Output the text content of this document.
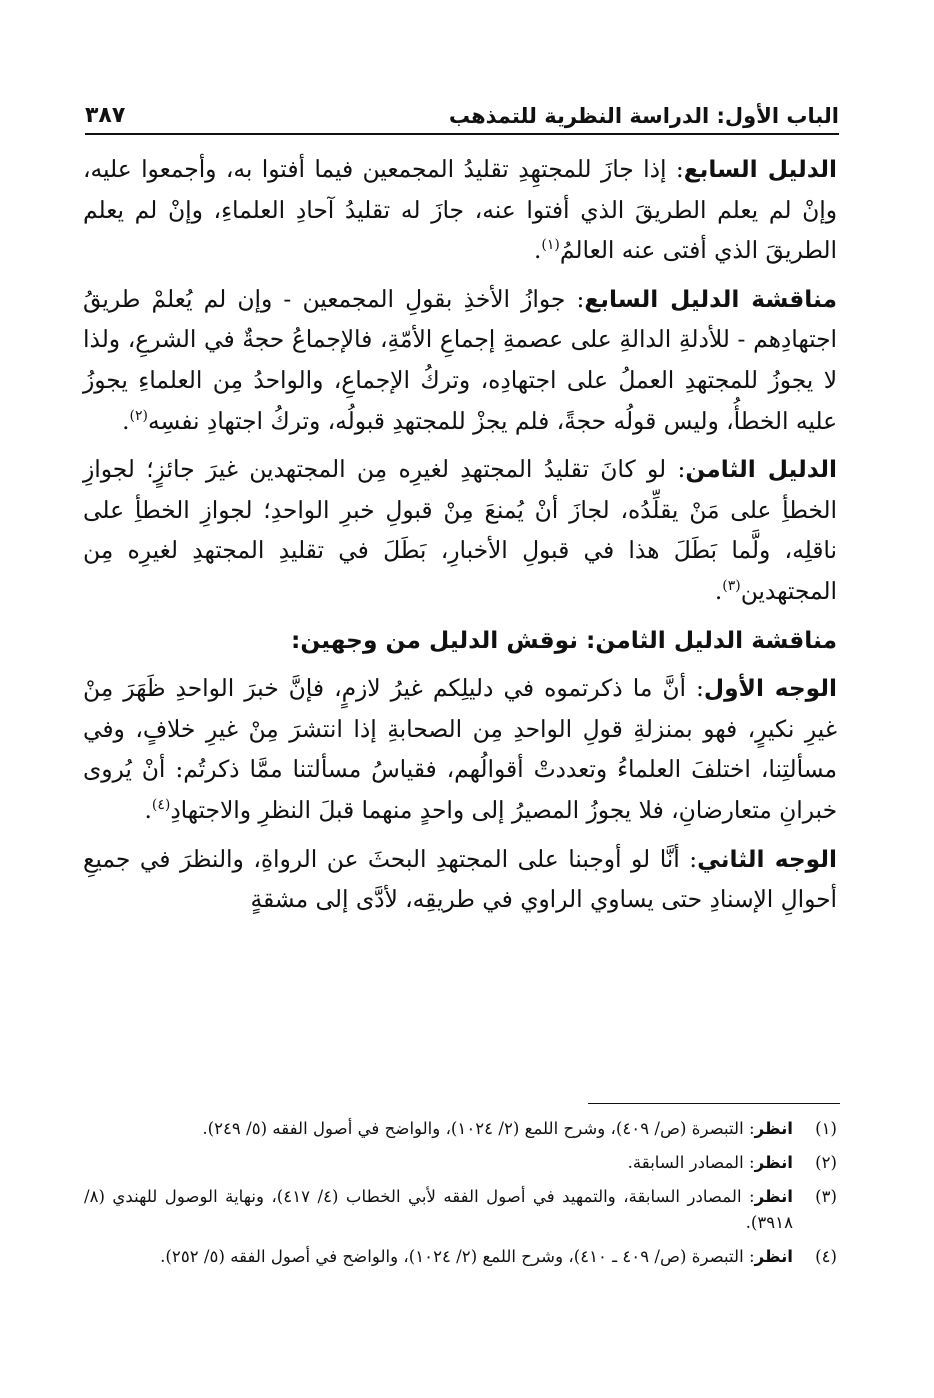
الباب الأول: الدراسة النظرية للتمذهب
٣٨٧

الدليل السابع: إذا جازَ للمجتهِدِ تقليدُ المجمعين فيما أفتوا به، وأجمعوا عليه، وإنْ لم يعلم الطريقَ الذي أفتوا عنه، جازَ له تقليدُ آحادِ العلماءِ، وإنْ لم يعلم الطريقَ الذي أفتى عنه العالمُ$^{(١)}$.

مناقشة الدليل السابع: جوازُ الأخذِ بقولِ المجمعين - وإن لم يُعلمْ طريقُ اجتهادِهم - للأدلةِ الدالةِ على عصمةِ إجماعِ الأمّةِ، فالإجماعُ حجةٌ في الشرعِ، ولذا لا يجوزُ للمجتهدِ العملُ على اجتهادِه، وتركُ الإجماعِ، والواحدُ مِن العلماءِ يجوزُ عليه الخطأُ، وليس قولُه حجةً، فلم يجزْ للمجتهدِ قبولُه، وتركُ اجتهادِ نفسِه$^{(٢)}$.

الدليل الثامن: لو كانَ تقليدُ المجتهدِ لغيرِه مِن المجتهدين غيرَ جائزٍ؛ لجوازِ الخطأِ على مَنْ يقلِّدُه، لجازَ أنْ يُمنعَ مِنْ قبولِ خبرِ الواحدِ؛ لجوازِ الخطأِ على ناقلِه، ولَّما بَطَلَ هذا في قبولِ الأخبارِ، بَطَلَ في تقليدِ المجتهدِ لغيرِه مِن المجتهدين$^{(٣)}$.

مناقشة الدليل الثامن: نوقش الدليل من وجهين:

الوجه الأول: أنَّ ما ذكرتموه في دليلِكم غيرُ لازمٍ، فإنَّ خبرَ الواحدِ ظَهَرَ مِنْ غيرِ نكيرٍ، فهو بمنزلةِ قولِ الواحدِ مِن الصحابةِ إذا انتشرَ مِنْ غيرِ خلافٍ، وفي مسألتِنا، اختلفَ العلماءُ وتعددتْ أقوالُهم، فقياسُ مسألتنا ممَّا ذكرتُم: أنْ يُروى خبرانِ متعارضانِ، فلا يجوزُ المصيرُ إلى واحدٍ منهما قبلَ النظرِ والاجتهادِ$^{(٤)}$.

الوجه الثاني: أنَّا لو أوجبنا على المجتهدِ البحثَ عن الرواةِ، والنظرَ في جميعِ أحوالِ الإسنادِ حتى يساوي الراوي في طريقِه، لأدَّى إلى مشقةٍ

(١)
انظر: التبصرة (ص/ ٤٠٩)، وشرح اللمع (٢/ ١٠٢٤)، والواضح في أصول الفقه (٥/ ٢٤٩).
(٢)
انظر: المصادر السابقة.
(٣)
انظر: المصادر السابقة، والتمهيد في أصول الفقه لأبي الخطاب (٤/ ٤١٧)، ونهاية الوصول للهندي (٨/ ٣٩١٨).
(٤)
انظر: التبصرة (ص/ ٤٠٩ ـ ٤١٠)، وشرح اللمع (٢/ ١٠٢٤)، والواضح في أصول الفقه (٥/ ٢٥٢).
